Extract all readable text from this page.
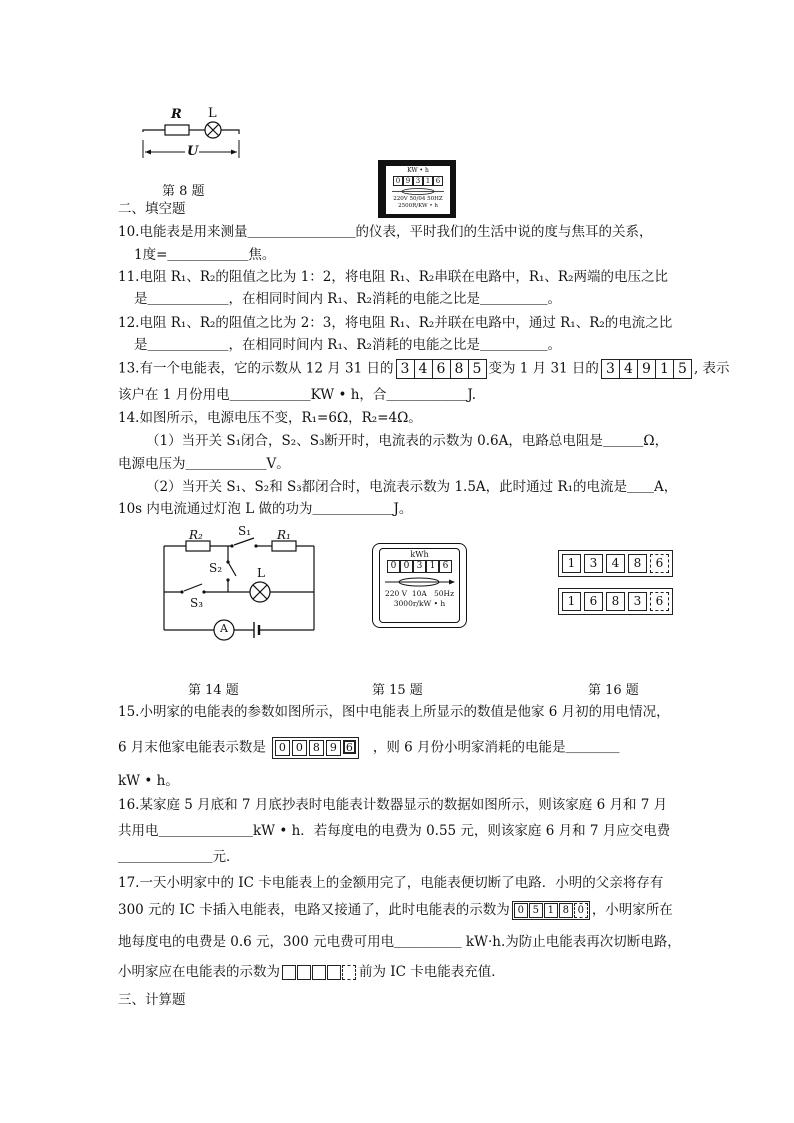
R L
U
第 8 题
KW • h
0 9 3 1 6
220V 50/04 50HZ
2500R/KW • h
二、填空题
10.电能表是用来测量＿＿＿＿＿＿＿＿的仪表，平时我们的生活中说的度与焦耳的关系，
1度=＿＿＿＿＿＿焦。
11.电阻 R₁、R₂的阻值之比为 1：2，将电阻 R₁、R₂串联在电路中，R₁、R₂两端的电压之比
是＿＿＿＿＿＿，在相同时间内 R₁、R₂消耗的电能之比是＿＿＿＿＿。
12.电阻 R₁、R₂的阻值之比为 2：3，将电阻 R₁、R₂并联在电路中，通过 R₁、R₂的电流之比
是＿＿＿＿＿＿，在相同时间内 R₁、R₂消耗的电能之比是＿＿＿＿＿。
13.有一个电能表，它的示数从 12 月 31 日的 3 4 6 8 5 变为 1 月 31 日的 3 4 9 1 5 , 表示
该户在 1 月份用电＿＿＿＿＿＿KW • h，合＿＿＿＿＿＿J.
14.如图所示，电源电压不变，R₁=6Ω，R₂=4Ω。
（1）当开关 S₁闭合，S₂、S₃断开时，电流表的示数为 0.6A，电路总电阻是＿＿＿Ω，
电源电压为＿＿＿＿＿＿V。
（2）当开关 S₁、S₂和 S₃都闭合时，电流表示数为 1.5A，此时通过 R₁的电流是＿＿A，
10s 内电流通过灯泡 L 做的功为＿＿＿＿＿＿J。
R₂	S₁ R₁
S₂	L
S₃
A
第 14 题
kWh
0 0 3 1 6
220 V  10A   50Hz
3000r/kW • h
第 15 题
1	3	4	8	6
1	6	8	3	6
第 16 题
15.小明家的电能表的参数如图所示，图中电能表上所显示的数值是他家 6 月初的用电情况，
6 月末他家电能表示数是	0 0 8 9 6 ，则 6 月份小明家消耗的电能是＿＿＿＿
kW • h。
16.某家庭 5 月底和 7 月底抄表时电能表计数器显示的数据如图所示，则该家庭 6 月和 7 月
共用电＿＿＿＿＿＿＿kW • h．若每度电的电费为 0.55 元，则该家庭 6 月和 7 月应交电费
＿＿＿＿＿＿＿元．
17.一天小明家中的 IC 卡电能表上的金额用完了，电能表便切断了电路．小明的父亲将存有
300 元的 IC 卡插入电能表，电路又接通了，此时电能表的示数为 0 5 1 8 0 ，小明家所在
地每度电的电费是 0.6 元，300 元电费可用电＿＿＿＿＿ kW·h.为防止电能表再次切断电路，
小明家应在电能表的示数为	前为 IC 卡电能表充值．
三、计算题
